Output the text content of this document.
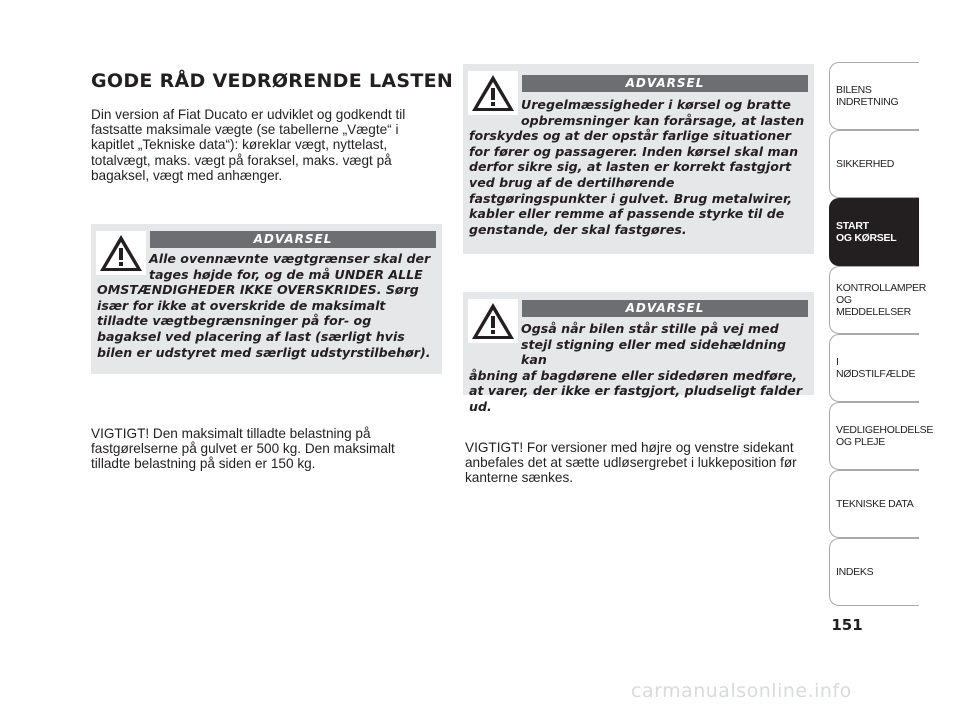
GODE RÅD VEDRØRENDE LASTEN

Din version af Fiat Ducato er udviklet og godkendt til fastsatte maksimale vægte (se tabellerne „Vægte“ i kapitlet „Tekniske data“): køreklar vægt, nyttelast, totalvægt, maks. vægt på foraksel, maks. vægt på bagaksel, vægt med anhænger.

ADVARSEL

Alle ovennævnte vægtgrænser skal der tages højde for, og de må UNDER ALLE
OMSTÆNDIGHEDER IKKE OVERSKRIDES. Sørg især for ikke at overskride de maksimalt tilladte vægtbegrænsninger på for- og bagaksel ved placering af last (særligt hvis bilen er udstyret med særligt udstyrstilbehør).

ADVARSEL

Uregelmæssigheder i kørsel og bratte opbremsninger kan forårsage, at lasten
forskydes og at der opstår farlige situationer for fører og passagerer. Inden kørsel skal man derfor sikre sig, at lasten er korrekt fastgjort ved brug af de dertilhørende fastgøringspunkter i gulvet. Brug metalwirer, kabler eller remme af passende styrke til de genstande, der skal fastgøres.

ADVARSEL

Også når bilen står stille på vej med stejl stigning eller med sidehældning kan
åbning af bagdørene eller sidedøren medføre, at varer, der ikke er fastgjort, pludseligt falder ud.

VIGTIGT! Den maksimalt tilladte belastning på fastgørelserne på gulvet er 500 kg. Den maksimalt tilladte belastning på siden er 150 kg.

VIGTIGT! For versioner med højre og venstre sidekant anbefales det at sætte udløsergrebet i lukkeposition før kanterne sænkes.

BILENS
INDRETNING
SIKKERHED
START
OG KØRSEL
KONTROLLAMPER
OG MEDDELELSER
I NØDSTILFÆLDE
VEDLIGEHOLDELSE
OG PLEJE
TEKNISKE DATA
INDEKS
151
carmanualsonline.info
